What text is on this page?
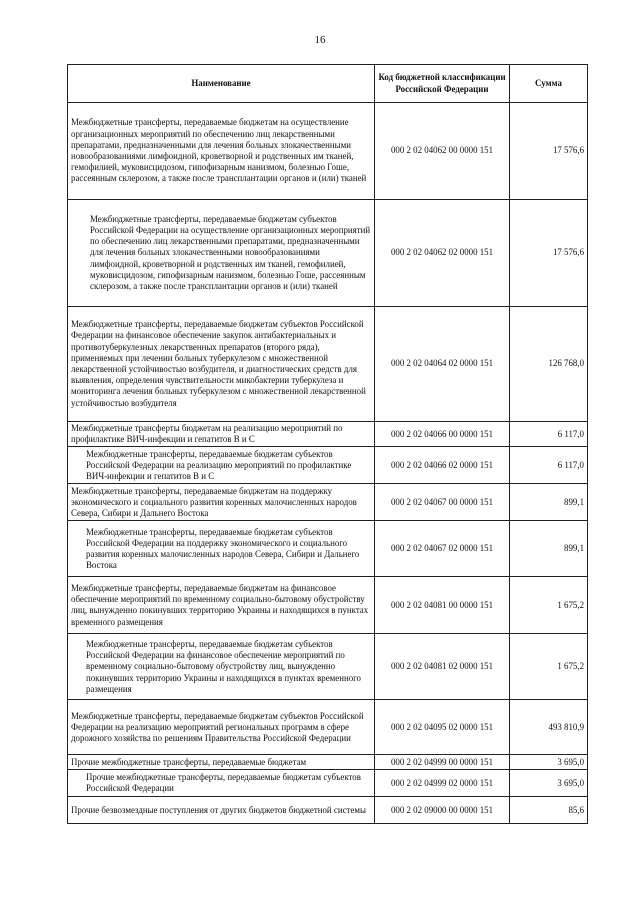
16
Наименование	Код бюджетной классификации Российской Федерации	Сумма
Межбюджетные трансферты, передаваемые бюджетам на осуществление организационных мероприятий по обеспечению лиц лекарственными препаратами, предназначенными для лечения больных злокачественными новообразованиями лимфоидной, кроветворной и родственных им тканей, гемофилией, муковисцидозом, гипофизарным нанизмом, болезнью Гоше, рассеянным склерозом, а также после трансплантации органов и (или) тканей	000 2 02 04062 00 0000 151	17 576,6
Межбюджетные трансферты, передаваемые бюджетам субъектов Российской Федерации на осуществление организационных мероприятий по обеспечению лиц лекарственными препаратами, предназначенными для лечения больных злокачественными новообразованиями лимфоидной, кроветворной и родственных им тканей, гемофилией, муковисцидозом, гипофизарным нанизмом, болезнью Гоше, рассеянным склерозом, а также после трансплантации органов и (или) тканей	000 2 02 04062 02 0000 151	17 576,6
Межбюджетные трансферты, передаваемые бюджетам субъектов Российской Федерации на финансовое обеспечение закупок антибактериальных и противотуберкулезных лекарственных препаратов (второго ряда), применяемых при лечении больных туберкулезом с множественной лекарственной устойчивостью возбудителя, и диагностических средств для выявления, определения чувствительности микобактерии туберкулеза и мониторинга лечения больных туберкулезом с множественной лекарственной устойчивостью возбудителя	000 2 02 04064 02 0000 151	126 768,0
Межбюджетные трансферты бюджетам на реализацию мероприятий по профилактике ВИЧ-инфекции и гепатитов В и С	000 2 02 04066 00 0000 151	6 117,0
Межбюджетные трансферты, передаваемые бюджетам субъектов Российской Федерации на реализацию мероприятий по профилактике ВИЧ-инфекции и гепатитов В и С	000 2 02 04066 02 0000 151	6 117,0
Межбюджетные трансферты, передаваемые бюджетам на поддержку экономического и социального развития коренных малочисленных народов Севера, Сибири и Дальнего Востока	000 2 02 04067 00 0000 151	899,1
Межбюджетные трансферты, передаваемые бюджетам субъектов Российской Федерации на поддержку экономического и социального развития коренных малочисленных народов Севера, Сибири и Дальнего Востока	000 2 02 04067 02 0000 151	899,1
Межбюджетные трансферты, передаваемые бюджетам на финансовое обеспечение мероприятий по временному социально-бытовому обустройству лиц, вынужденно покинувших территорию Украины и находящихся в пунктах временного размещения	000 2 02 04081 00 0000 151	1 675,2
Межбюджетные трансферты, передаваемые бюджетам субъектов Российской Федерации на финансовое обеспечение мероприятий по временному социально-бытовому обустройству лиц, вынужденно покинувших территорию Украины и находящихся в пунктах временного размещения	000 2 02 04081 02 0000 151	1 675,2
Межбюджетные трансферты, передаваемые бюджетам субъектов Российской Федерации на реализацию мероприятий региональных программ в сфере дорожного хозяйства по решениям Правительства Российской Федерации	000 2 02 04095 02 0000 151	493 810,9
Прочие межбюджетные трансферты, передаваемые бюджетам	000 2 02 04999 00 0000 151	3 695,0
Прочие межбюджетные трансферты, передаваемые бюджетам субъектов Российской Федерации	000 2 02 04999 02 0000 151	3 695,0
Прочие безвозмездные поступления от других бюджетов бюджетной системы	000 2 02 09000 00 0000 151	85,6
